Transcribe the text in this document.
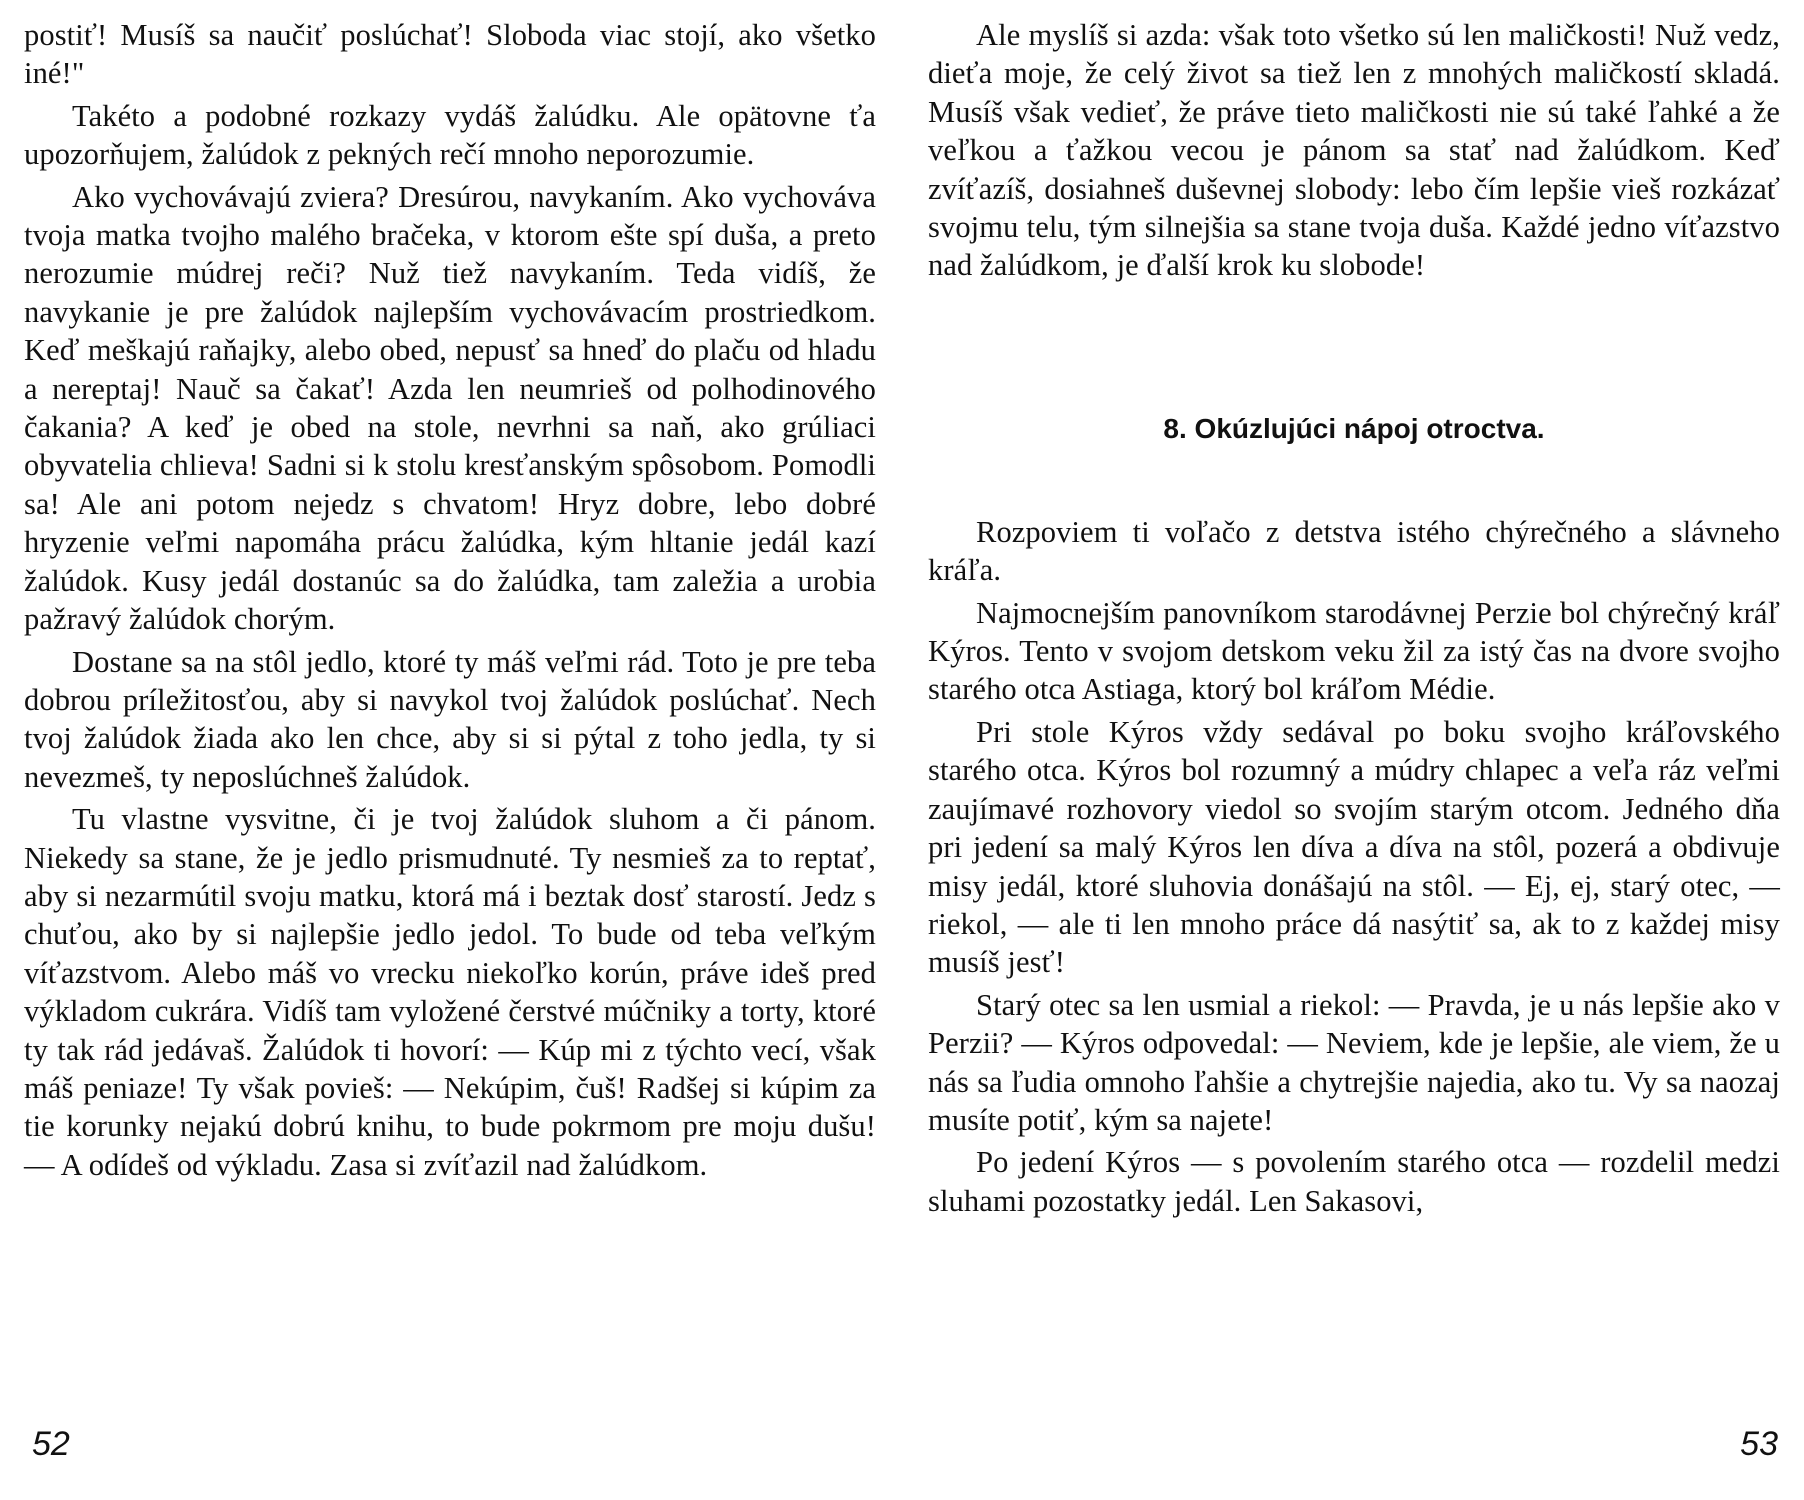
postiť! Musíš sa naučiť poslúchať! Sloboda viac stojí, ako všetko iné!"

Takéto a podobné rozkazy vydáš žalúdku. Ale opätovne ťa upozorňujem, žalúdok z pekných rečí mnoho neporozumie.

Ako vychovávajú zviera? Dresúrou, navykaním. Ako vychováva tvoja matka tvojho malého bračeka, v ktorom ešte spí duša, a preto nerozumie múdrej reči? Nuž tiež navykaním. Teda vidíš, že navykanie je pre žalúdok najlepším vychovávacím prostriedkom. Keď meškajú raňajky, alebo obed, nepusť sa hneď do plaču od hladu a nereptaj! Nauč sa čakať! Azda len neumrieš od polhodinového čakania? A keď je obed na stole, nevrhni sa naň, ako grúliaci obyvatelia chlieva! Sadni si k stolu kresťanským spôsobom. Pomodli sa! Ale ani potom nejedz s chvatom! Hryz dobre, lebo dobré hryzenie veľmi napomáha prácu žalúdka, kým hltanie jedál kazí žalúdok. Kusy jedál dostanúc sa do žalúdka, tam zaležia a urobia pažravý žalúdok chorým.

Dostane sa na stôl jedlo, ktoré ty máš veľmi rád. Toto je pre teba dobrou príležitosťou, aby si navykol tvoj žalúdok poslúchať. Nech tvoj žalúdok žiada ako len chce, aby si si pýtal z toho jedla, ty si nevezmeš, ty neposlúchneš žalúdok.

Tu vlastne vysvitne, či je tvoj žalúdok sluhom a či pánom. Niekedy sa stane, že je jedlo prismudnuté. Ty nesmieš za to reptať, aby si nezarmútil svoju matku, ktorá má i beztak dosť starostí. Jedz s chuťou, ako by si najlepšie jedlo jedol. To bude od teba veľkým víťazstvom. Alebo máš vo vrecku niekoľko korún, práve ideš pred výkladom cukrára. Vidíš tam vyložené čerstvé múčniky a torty, ktoré ty tak rád jedávaš. Žalúdok ti hovorí: — Kúp mi z týchto vecí, však máš peniaze! Ty však povieš: — Nekúpim, čuš! Radšej si kúpim za tie korunky nejakú dobrú knihu, to bude pokrmom pre moju dušu! — A odídeš od výkladu. Zasa si zvíťazil nad žalúdkom.

52

Ale myslíš si azda: však toto všetko sú len maličkosti! Nuž vedz, dieťa moje, že celý život sa tiež len z mnohých maličkostí skladá. Musíš však vedieť, že práve tieto maličkosti nie sú také ľahké a že veľkou a ťažkou vecou je pánom sa stať nad žalúdkom. Keď zvíťazíš, dosiahneš duševnej slobody: lebo čím lepšie vieš rozkázať svojmu telu, tým silnejšia sa stane tvoja duša. Každé jedno víťazstvo nad žalúdkom, je ďalší krok ku slobode!

8. Okúzlujúci nápoj otroctva.

Rozpoviem ti voľačo z detstva istého chýrečného a slávneho kráľa.

Najmocnejším panovníkom starodávnej Perzie bol chýrečný kráľ Kýros. Tento v svojom detskom veku žil za istý čas na dvore svojho starého otca Astiaga, ktorý bol kráľom Médie.

Pri stole Kýros vždy sedával po boku svojho kráľovského starého otca. Kýros bol rozumný a múdry chlapec a veľa ráz veľmi zaujímavé rozhovory viedol so svojím starým otcom. Jedného dňa pri jedení sa malý Kýros len díva a díva na stôl, pozerá a obdivuje misy jedál, ktoré sluhovia donášajú na stôl. — Ej, ej, starý otec, — riekol, — ale ti len mnoho práce dá nasýtiť sa, ak to z každej misy musíš jesť!

Starý otec sa len usmial a riekol: — Pravda, je u nás lepšie ako v Perzii? — Kýros odpovedal: — Neviem, kde je lepšie, ale viem, že u nás sa ľudia omnoho ľahšie a chytrejšie najedia, ako tu. Vy sa naozaj musíte potiť, kým sa najete!

Po jedení Kýros — s povolením starého otca — rozdelil medzi sluhami pozostatky jedál. Len Sakasovi,

53
